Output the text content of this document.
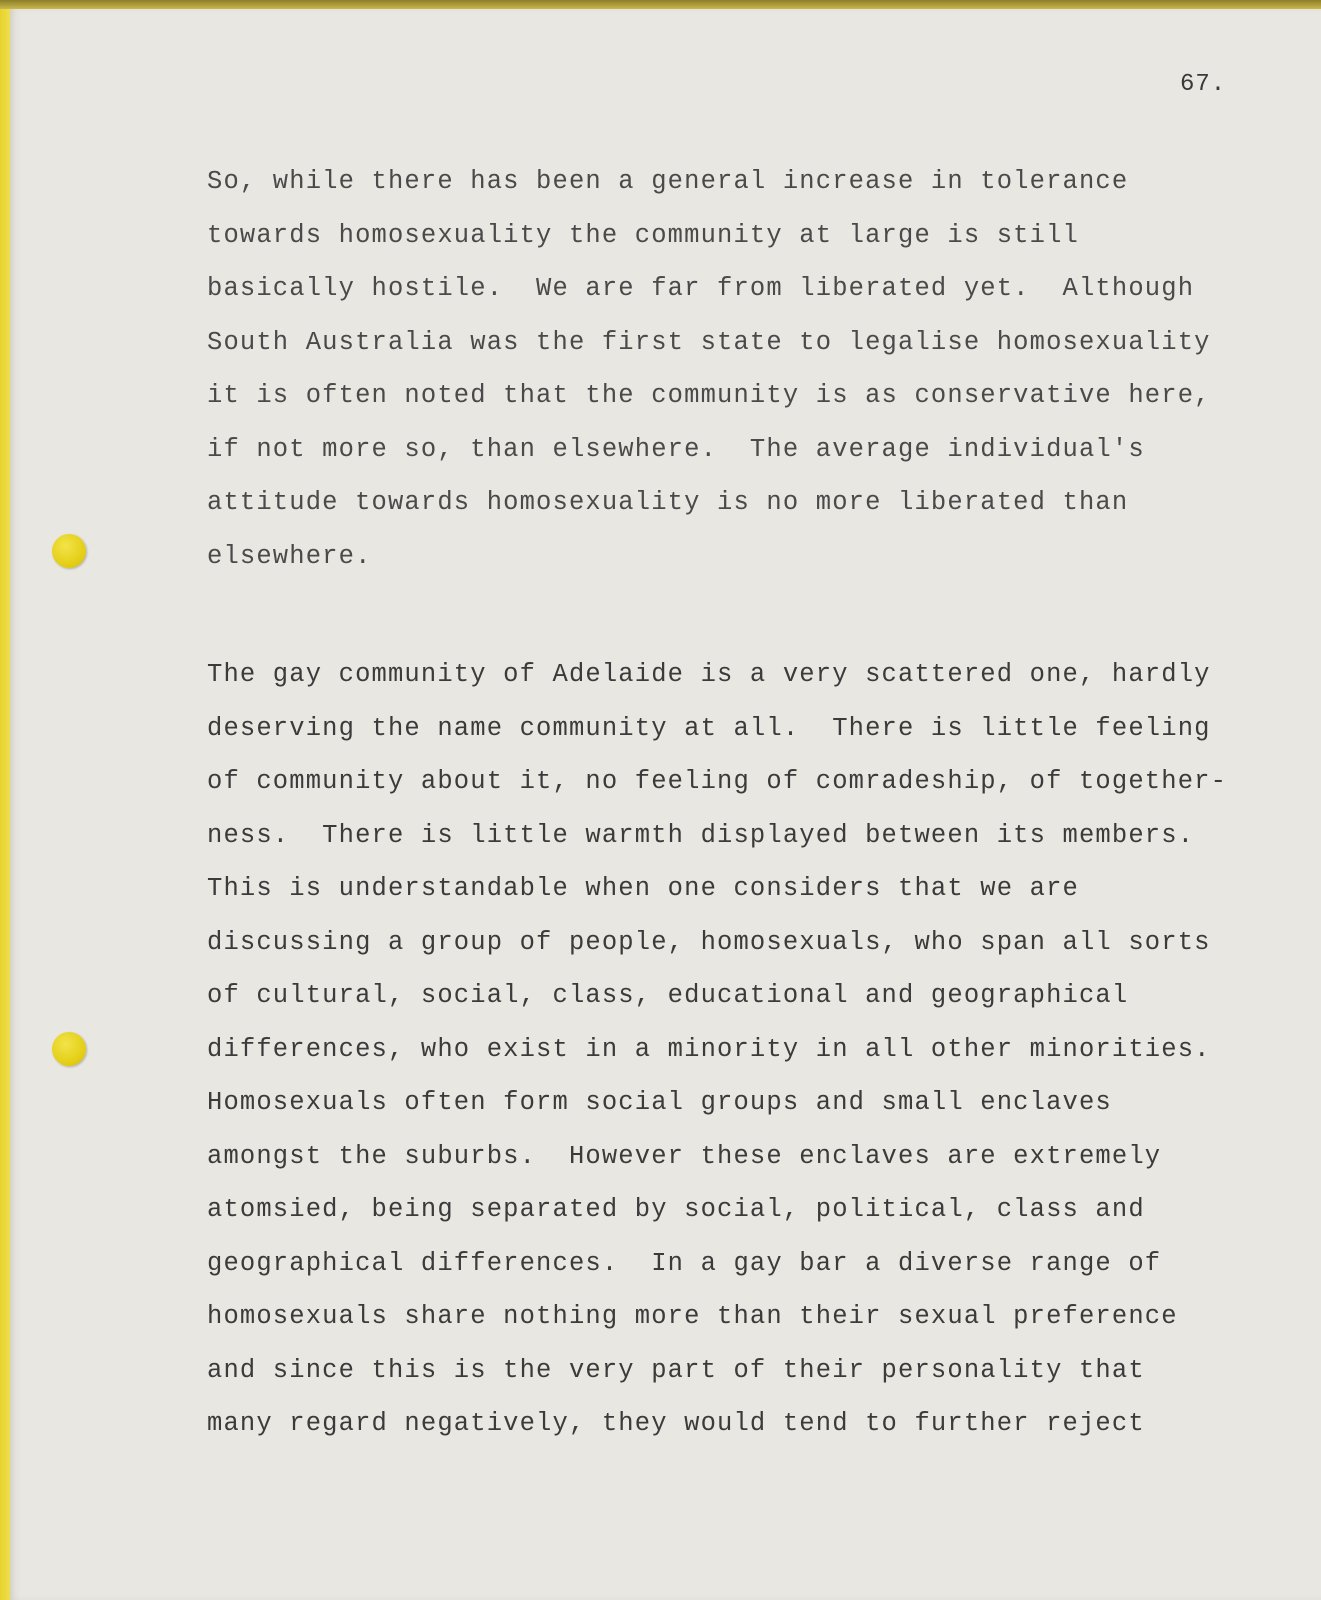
67.

So, while there has been a general increase in tolerance
towards homosexuality the community at large is still
basically hostile.  We are far from liberated yet.  Although
South Australia was the first state to legalise homosexuality
it is often noted that the community is as conservative here,
if not more so, than elsewhere.  The average individual's
attitude towards homosexuality is no more liberated than
elsewhere.

The gay community of Adelaide is a very scattered one, hardly
deserving the name community at all.  There is little feeling
of community about it, no feeling of comradeship, of together-
ness.  There is little warmth displayed between its members.
This is understandable when one considers that we are
discussing a group of people, homosexuals, who span all sorts
of cultural, social, class, educational and geographical
differences, who exist in a minority in all other minorities.
Homosexuals often form social groups and small enclaves
amongst the suburbs.  However these enclaves are extremely
atomsied, being separated by social, political, class and
geographical differences.  In a gay bar a diverse range of
homosexuals share nothing more than their sexual preference
and since this is the very part of their personality that
many regard negatively, they would tend to further reject
